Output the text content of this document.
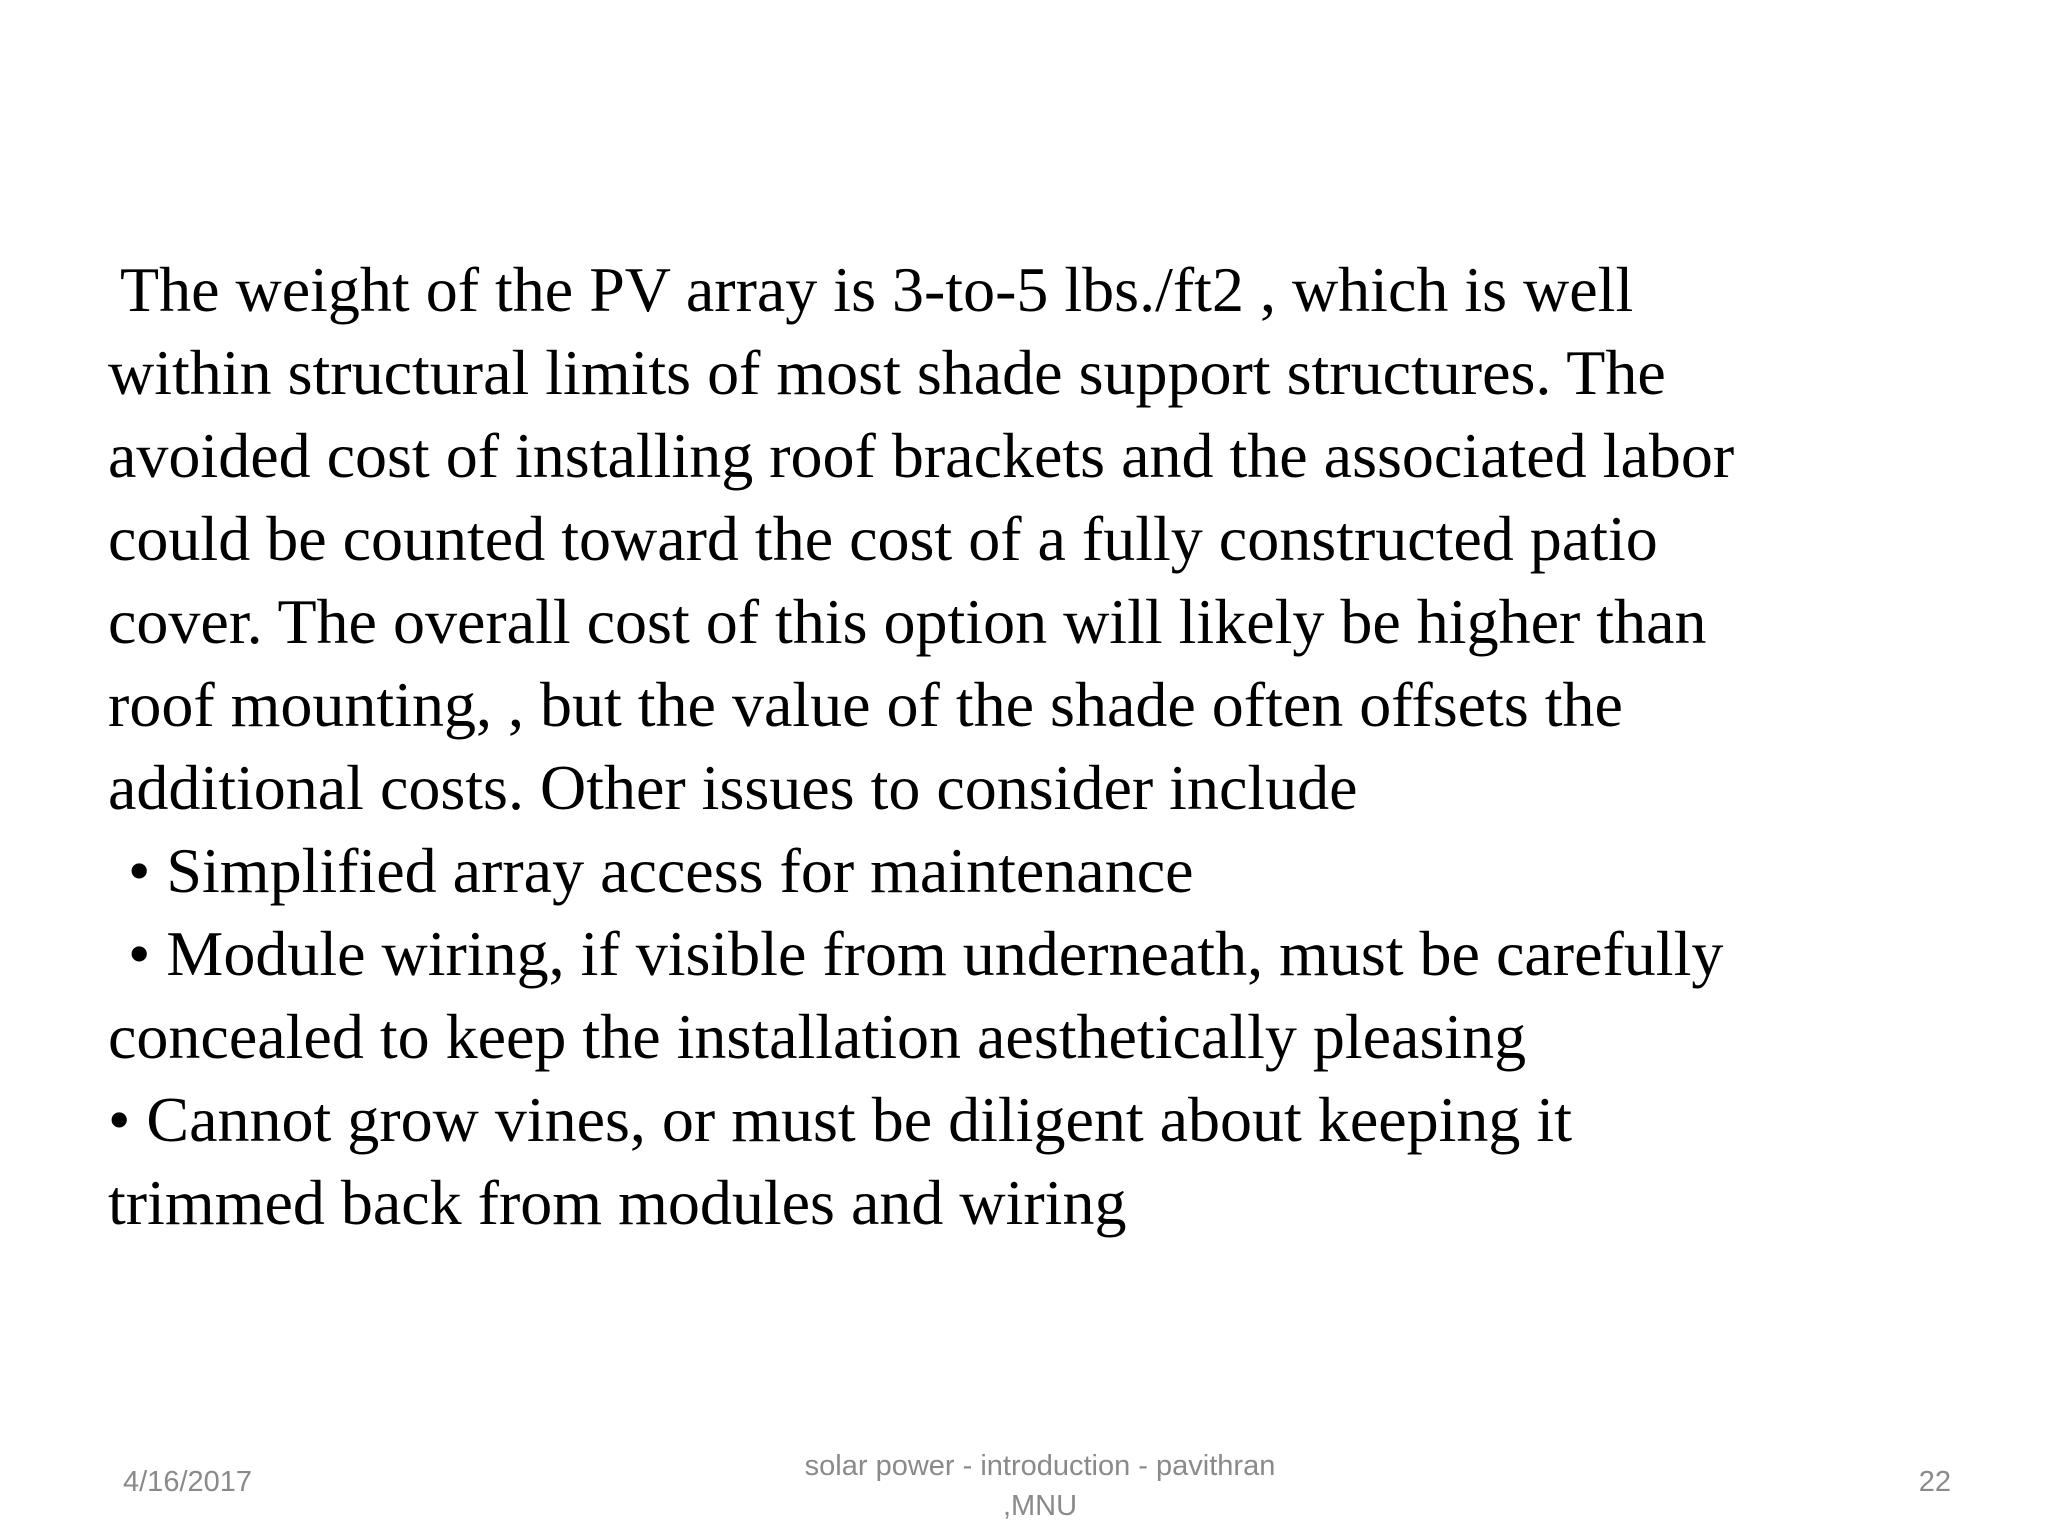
The weight of the PV array is 3-to-5 lbs./ft2 , which is well
within structural limits of most shade support structures. The
avoided cost of installing roof brackets and the associated labor
could be counted toward the cost of a fully constructed patio
cover. The overall cost of this option will likely be higher than
roof mounting, , but the value of the shade often offsets the
additional costs. Other issues to consider include
• Simplified array access for maintenance
• Module wiring, if visible from underneath, must be carefully
concealed to keep the installation aesthetically pleasing
• Cannot grow vines, or must be diligent about keeping it
trimmed back from modules and wiring
4/16/2017	solar power - introduction - pavithran
,MNU
22
